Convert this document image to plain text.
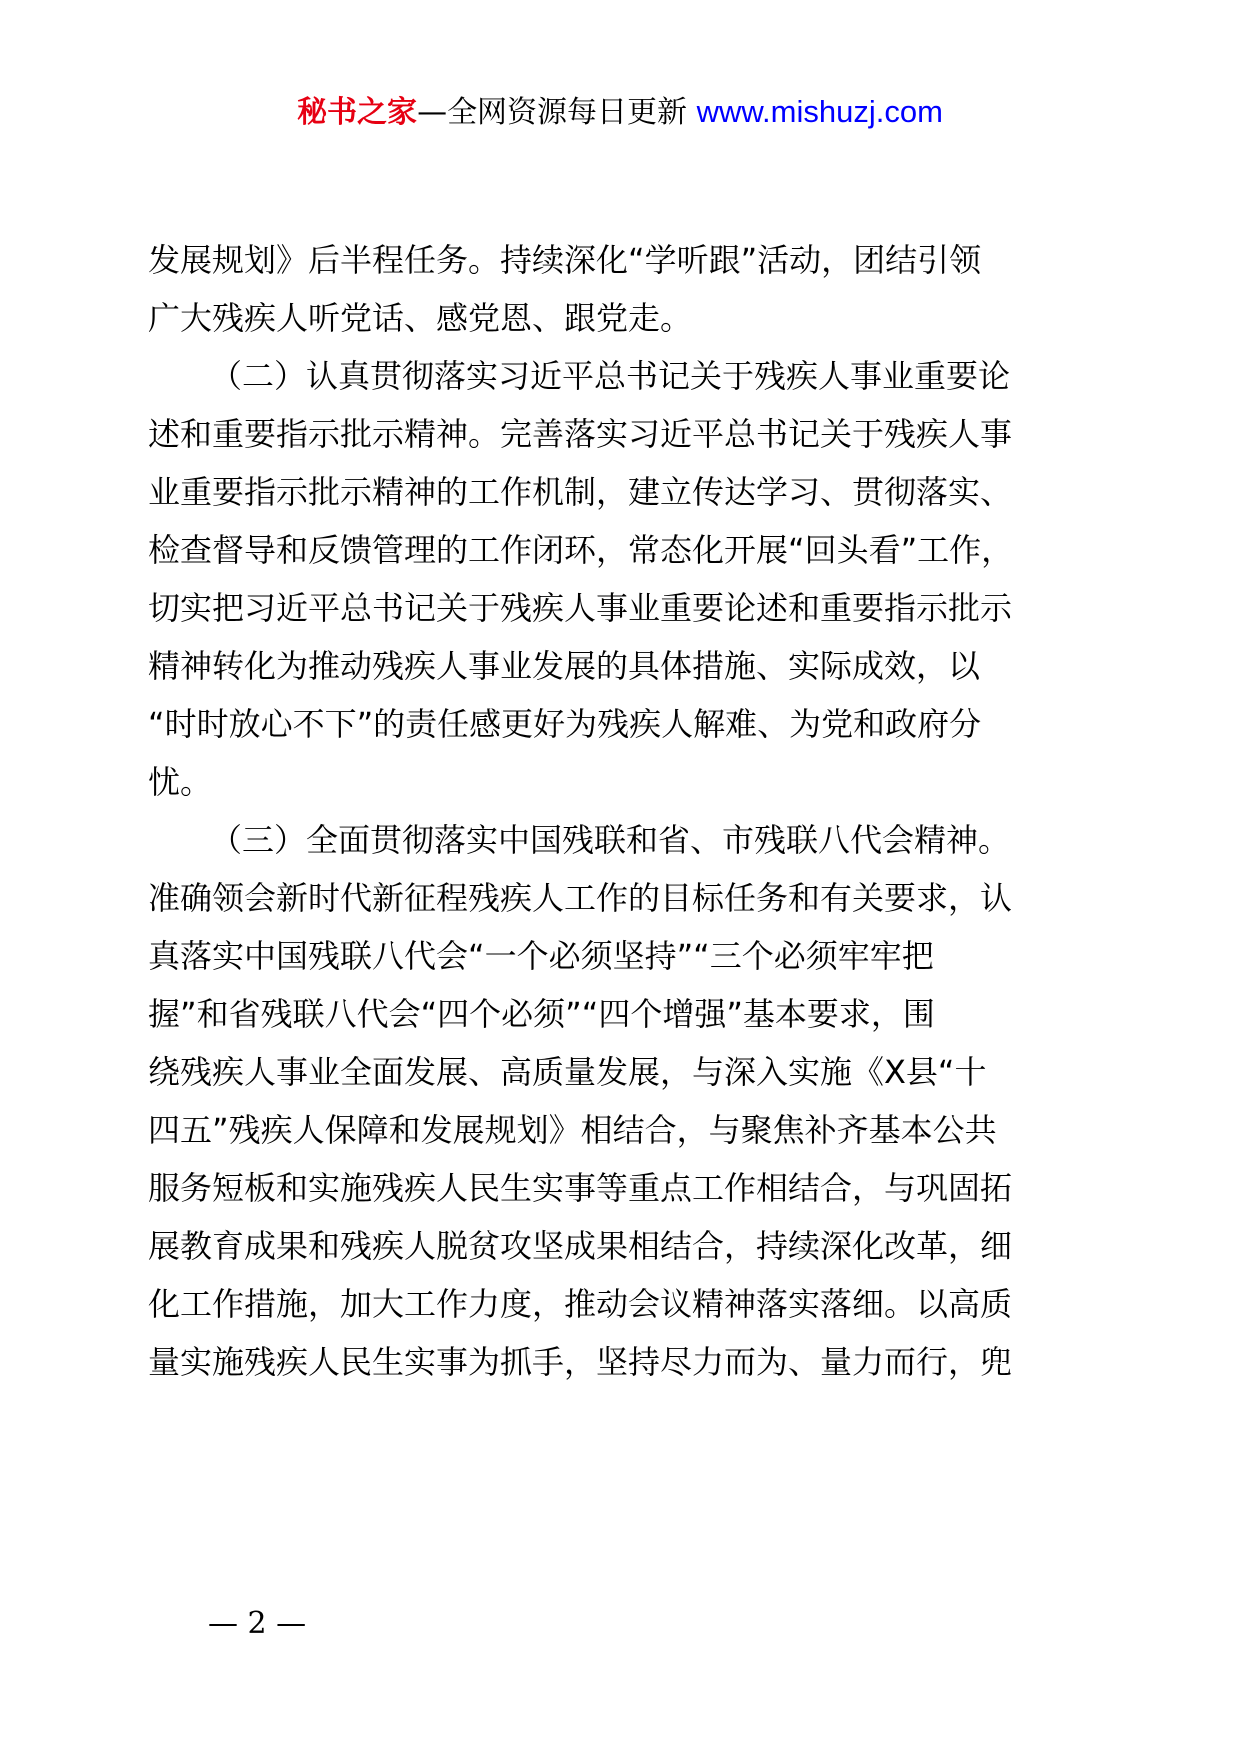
秘书之家—全网资源每日更新 www.mishuzj.com
发展规划》后半程任务。持续深化“学听跟”活动，团结引领
广大残疾人听党话、感党恩、跟党走。
（二）认真贯彻落实习近平总书记关于残疾人事业重要论
述和重要指示批示精神。完善落实习近平总书记关于残疾人事
业重要指示批示精神的工作机制，建立传达学习、贯彻落实、
检查督导和反馈管理的工作闭环，常态化开展“回头看”工作，
切实把习近平总书记关于残疾人事业重要论述和重要指示批示
精神转化为推动残疾人事业发展的具体措施、实际成效，以
“时时放心不下”的责任感更好为残疾人解难、为党和政府分
忧。
（三）全面贯彻落实中国残联和省、市残联八代会精神。
准确领会新时代新征程残疾人工作的目标任务和有关要求，认
真落实中国残联八代会“一个必须坚持”“三个必须牢牢把
握”和省残联八代会“四个必须”“四个增强”基本要求，围
绕残疾人事业全面发展、高质量发展，与深入实施《X县“十
四五”残疾人保障和发展规划》相结合，与聚焦补齐基本公共
服务短板和实施残疾人民生实事等重点工作相结合，与巩固拓
展教育成果和残疾人脱贫攻坚成果相结合，持续深化改革，细
化工作措施，加大工作力度，推动会议精神落实落细。以高质
量实施残疾人民生实事为抓手，坚持尽力而为、量力而行，兜
— 2 —
